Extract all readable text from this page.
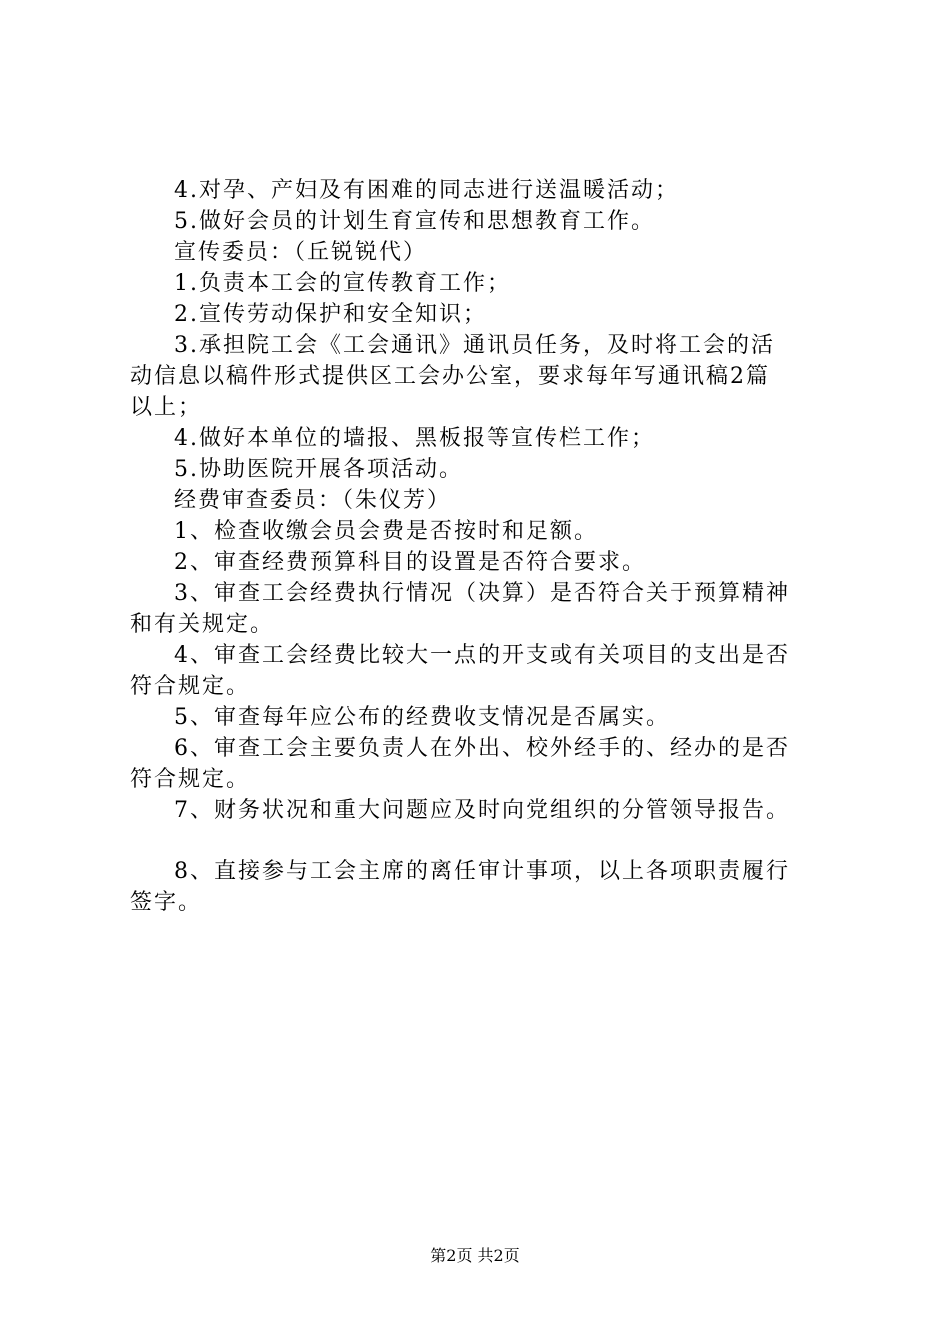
4.对孕、产妇及有困难的同志进行送温暖活动；
5.做好会员的计划生育宣传和思想教育工作。
宣传委员：（丘锐锐代）
1.负责本工会的宣传教育工作；
2.宣传劳动保护和安全知识；
3.承担院工会《工会通讯》通讯员任务，及时将工会的活
动信息以稿件形式提供区工会办公室，要求每年写通讯稿2篇
以上；
4.做好本单位的墙报、黑板报等宣传栏工作；
5.协助医院开展各项活动。
经费审查委员：（朱仪芳）
1、检查收缴会员会费是否按时和足额。
2、审查经费预算科目的设置是否符合要求。
3、审查工会经费执行情况（决算）是否符合关于预算精神
和有关规定。
4、审查工会经费比较大一点的开支或有关项目的支出是否
符合规定。
5、审查每年应公布的经费收支情况是否属实。
6、审查工会主要负责人在外出、校外经手的、经办的是否
符合规定。
7、财务状况和重大问题应及时向党组织的分管领导报告。
8、直接参与工会主席的离任审计事项，以上各项职责履行
签字。
第2页 共2页
